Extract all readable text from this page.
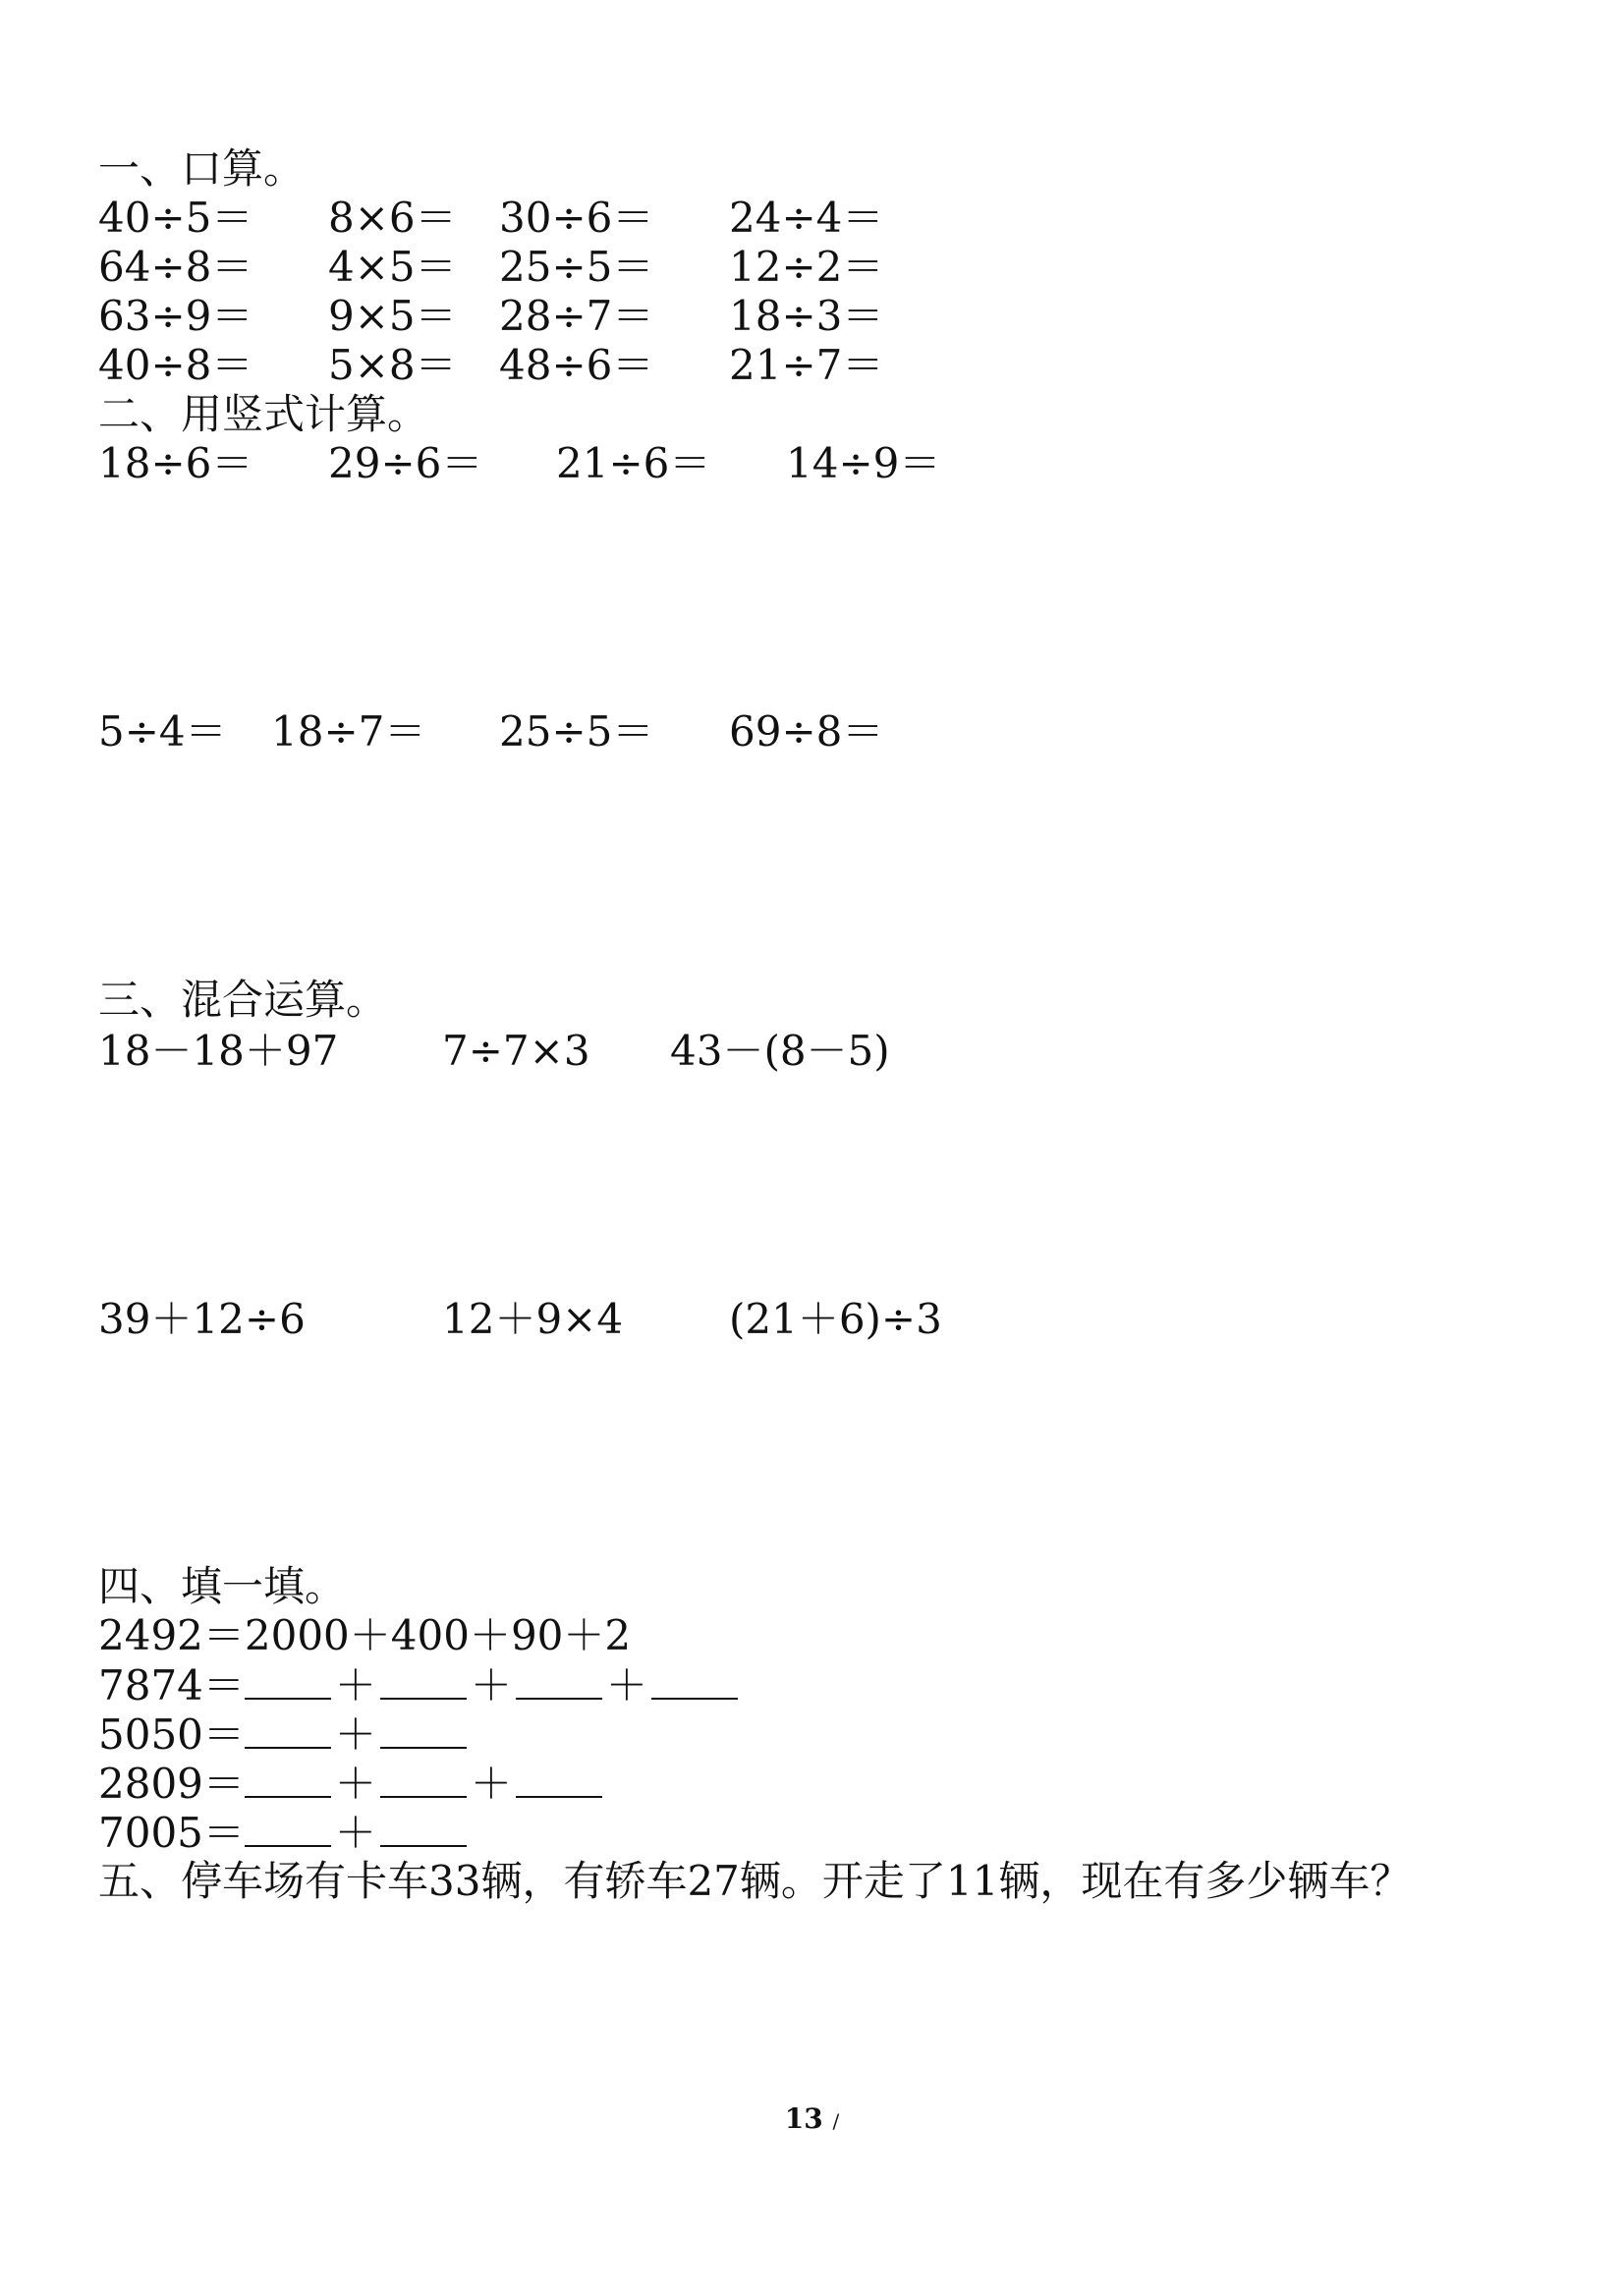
一、口算。
40÷5＝ 8×6＝ 30÷6＝ 24÷4＝
64÷8＝ 4×5＝ 25÷5＝ 12÷2＝
63÷9＝ 9×5＝ 28÷7＝ 18÷3＝
40÷8＝ 5×8＝ 48÷6＝ 21÷7＝
二、用竖式计算。
18÷6＝ 29÷6＝ 21÷6＝ 14÷9＝
5÷4＝ 18÷7＝ 25÷5＝ 69÷8＝
三、混合运算。
18－18＋97	7÷7×3 43－(8－5)
39＋12÷6	12＋9×4	(21＋6)÷3
四、填一填。
2492＝2000＋400＋90＋2
7874＝ ＋ ＋ ＋
5050＝ ＋
2809＝ ＋ ＋
7005＝ ＋
五、停车场有卡车33辆，有轿车27辆。开走了11辆，现在有多少辆车？
13 /
